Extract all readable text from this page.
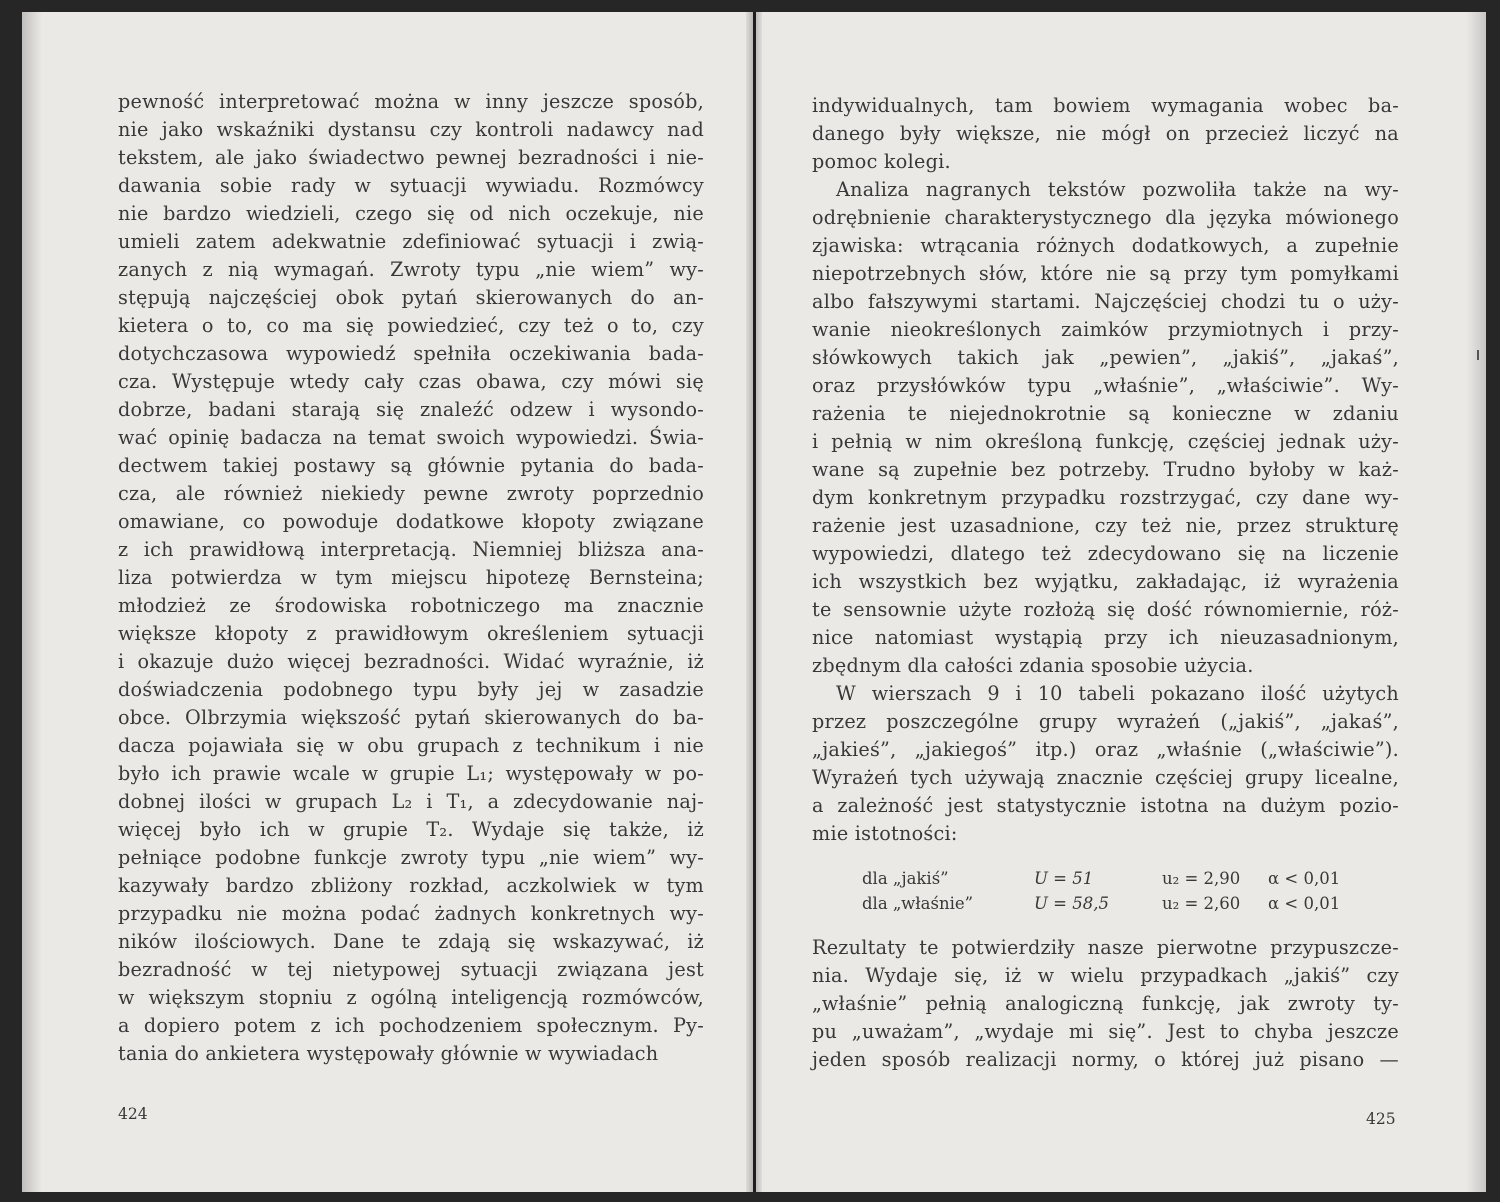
pewność interpretować można w inny jeszcze sposób,
nie jako wskaźniki dystansu czy kontroli nadawcy nad
tekstem, ale jako świadectwo pewnej bezradności i nie-
dawania sobie rady w sytuacji wywiadu. Rozmówcy
nie bardzo wiedzieli, czego się od nich oczekuje, nie
umieli zatem adekwatnie zdefiniować sytuacji i zwią-
zanych z nią wymagań. Zwroty typu „nie wiem” wy-
stępują najczęściej obok pytań skierowanych do an-
kietera o to, co ma się powiedzieć, czy też o to, czy
dotychczasowa wypowiedź spełniła oczekiwania bada-
cza. Występuje wtedy cały czas obawa, czy mówi się
dobrze, badani starają się znaleźć odzew i wysondo-
wać opinię badacza na temat swoich wypowiedzi. Świa-
dectwem takiej postawy są głównie pytania do bada-
cza, ale również niekiedy pewne zwroty poprzednio
omawiane, co powoduje dodatkowe kłopoty związane
z ich prawidłową interpretacją. Niemniej bliższa ana-
liza potwierdza w tym miejscu hipotezę Bernsteina;
młodzież ze środowiska robotniczego ma znacznie
większe kłopoty z prawidłowym określeniem sytuacji
i okazuje dużo więcej bezradności. Widać wyraźnie, iż
doświadczenia podobnego typu były jej w zasadzie
obce. Olbrzymia większość pytań skierowanych do ba-
dacza pojawiała się w obu grupach z technikum i nie
było ich prawie wcale w grupie L₁; występowały w po-
dobnej ilości w grupach L₂ i T₁, a zdecydowanie naj-
więcej było ich w grupie T₂. Wydaje się także, iż
pełniące podobne funkcje zwroty typu „nie wiem” wy-
kazywały bardzo zbliżony rozkład, aczkolwiek w tym
przypadku nie można podać żadnych konkretnych wy-
ników ilościowych. Dane te zdają się wskazywać, iż
bezradność w tej nietypowej sytuacji związana jest
w większym stopniu z ogólną inteligencją rozmówców,
a dopiero potem z ich pochodzeniem społecznym. Py-
tania do ankietera występowały głównie w wywiadach
indywidualnych, tam bowiem wymagania wobec ba-
danego były większe, nie mógł on przecież liczyć na
pomoc kolegi.
Analiza nagranych tekstów pozwoliła także na wy-
odrębnienie charakterystycznego dla języka mówionego
zjawiska: wtrącania różnych dodatkowych, a zupełnie
niepotrzebnych słów, które nie są przy tym pomyłkami
albo fałszywymi startami. Najczęściej chodzi tu o uży-
wanie nieokreślonych zaimków przymiotnych i przy-
słówkowych takich jak „pewien”, „jakiś”, „jakaś”,
oraz przysłówków typu „właśnie”, „właściwie”. Wy-
rażenia te niejednokrotnie są konieczne w zdaniu
i pełnią w nim określoną funkcję, częściej jednak uży-
wane są zupełnie bez potrzeby. Trudno byłoby w każ-
dym konkretnym przypadku rozstrzygać, czy dane wy-
rażenie jest uzasadnione, czy też nie, przez strukturę
wypowiedzi, dlatego też zdecydowano się na liczenie
ich wszystkich bez wyjątku, zakładając, iż wyrażenia
te sensownie użyte rozłożą się dość równomiernie, róż-
nice natomiast wystąpią przy ich nieuzasadnionym,
zbędnym dla całości zdania sposobie użycia.
W wierszach 9 i 10 tabeli pokazano ilość użytych
przez poszczególne grupy wyrażeń („jakiś”, „jakaś”,
„jakieś”, „jakiegoś” itp.) oraz „właśnie („właściwie”).
Wyrażeń tych używają znacznie częściej grupy licealne,
a zależność jest statystycznie istotna na dużym pozio-
mie istotności:
dla „jakiś”	U = 51	u₂ = 2,90 α < 0,01
dla „właśnie”	U = 58,5	u₂ = 2,60 α < 0,01
Rezultaty te potwierdziły nasze pierwotne przypuszcze-
nia. Wydaje się, iż w wielu przypadkach „jakiś” czy
„właśnie” pełnią analogiczną funkcję, jak zwroty ty-
pu „uważam”, „wydaje mi się”. Jest to chyba jeszcze
jeden sposób realizacji normy, o której już pisano —
424	425
